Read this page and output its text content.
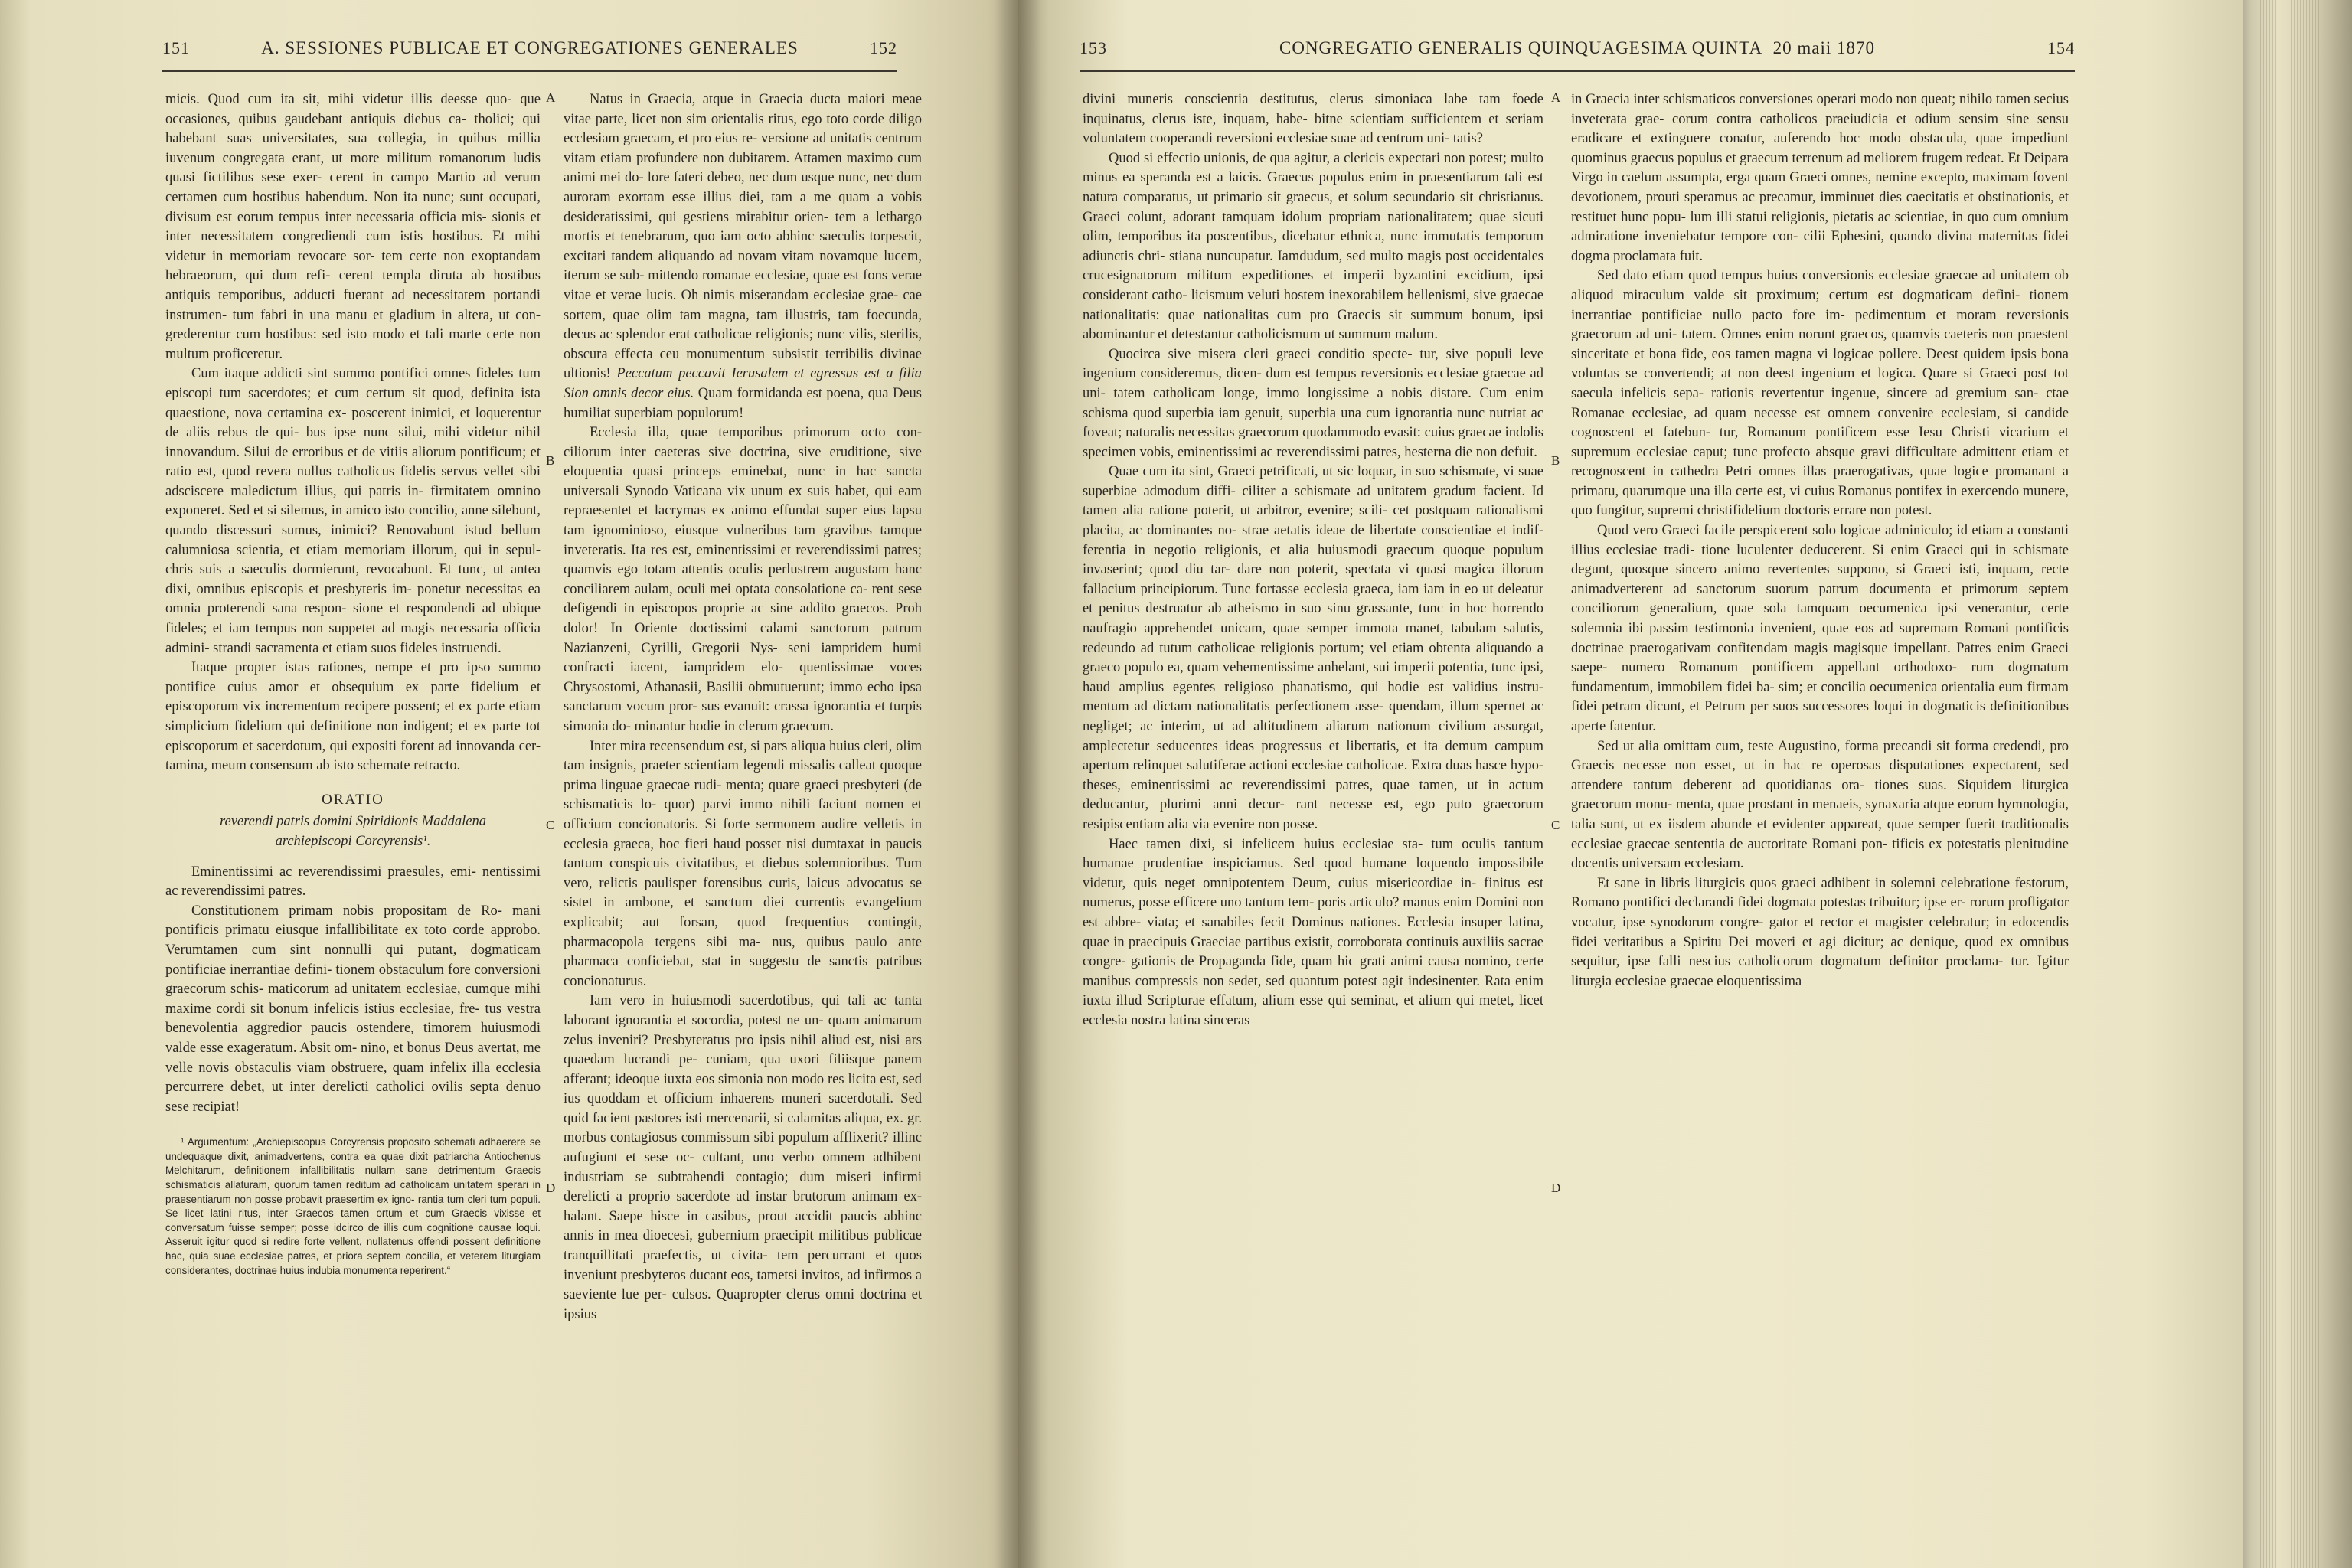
151	A. SESSIONES PUBLICAE ET CONGREGATIONES GENERALES	152

micis. Quod cum ita sit, mihi videtur illis deesse quo- que occasiones, quibus gaudebant antiquis diebus ca- tholici; qui habebant suas universitates, sua collegia, in quibus millia iuvenum congregata erant, ut more militum romanorum ludis quasi fictilibus sese exer- cerent in campo Martio ad verum certamen cum hostibus habendum. Non ita nunc; sunt occupati, divisum est eorum tempus inter necessaria officia mis- sionis et inter necessitatem congrediendi cum istis hostibus. Et mihi videtur in memoriam revocare sor- tem certe non exoptandam hebraeorum, qui dum refi- cerent templa diruta ab hostibus antiquis temporibus, adducti fuerant ad necessitatem portandi instrumen- tum fabri in una manu et gladium in altera, ut con- grederentur cum hostibus: sed isto modo et tali marte certe non multum proficeretur.

Cum itaque addicti sint summo pontifici omnes fideles tum episcopi tum sacerdotes; et cum certum sit quod, definita ista quaestione, nova certamina ex- poscerent inimici, et loquerentur de aliis rebus de qui- bus ipse nunc silui, mihi videtur nihil innovandum. Silui de erroribus et de vitiis aliorum pontificum; et ratio est, quod revera nullus catholicus fidelis servus vellet sibi adsciscere maledictum illius, qui patris in- firmitatem omnino exponeret. Sed et si silemus, in amico isto concilio, anne silebunt, quando discessuri sumus, inimici? Renovabunt istud bellum calumniosa scientia, et etiam memoriam illorum, qui in sepul- chris suis a saeculis dormierunt, revocabunt. Et tunc, ut antea dixi, omnibus episcopis et presbyteris im- ponetur necessitas ea omnia proterendi sana respon- sione et respondendi ad ubique fideles; et iam tempus non suppetet ad magis necessaria officia admini- strandi sacramenta et etiam suos fideles instruendi.

Itaque propter istas rationes, nempe et pro ipso summo pontifice cuius amor et obsequium ex parte fidelium et episcoporum vix incrementum recipere possent; et ex parte etiam simplicium fidelium qui definitione non indigent; et ex parte tot episcoporum et sacerdotum, qui expositi forent ad innovanda cer- tamina, meum consensum ab isto schemate retracto.

ORATIO

reverendi patris domini Spiridionis Maddalena

archiepiscopi Corcyrensis¹.

Eminentissimi ac reverendissimi praesules, emi- nentissimi ac reverendissimi patres.

Constitutionem primam nobis propositam de Ro- mani pontificis primatu eiusque infallibilitate ex toto corde approbo. Verumtamen cum sint nonnulli qui putant, dogmaticam pontificiae inerrantiae defini- tionem obstaculum fore conversioni graecorum schis- maticorum ad unitatem ecclesiae, cumque mihi maxime cordi sit bonum infelicis istius ecclesiae, fre- tus vestra benevolentia aggredior paucis ostendere, timorem huiusmodi valde esse exageratum. Absit om- nino, et bonus Deus avertat, me velle novis obstaculis viam obstruere, quam infelix illa ecclesia percurrere debet, ut inter derelicti catholici ovilis septa denuo sese recipiat!

¹ Argumentum: „Archiepiscopus Corcyrensis proposito schemati adhaerere se undequaque dixit, animadvertens, contra ea quae dixit patriarcha Antiochenus Melchitarum, definitionem infallibilitatis nullam sane detrimentum Graecis schismaticis allaturam, quorum tamen reditum ad catholicam unitatem sperari in praesentiarum non posse probavit praesertim ex igno- rantia tum cleri tum populi. Se licet latini ritus, inter Graecos tamen ortum et cum Graecis vixisse et conversatum fuisse semper; posse idcirco de illis cum cognitione causae loqui. Asseruit igitur quod si redire forte vellent, nullatenus offendi possent definitione hac, quia suae ecclesiae patres, et priora septem concilia, et veterem liturgiam considerantes, doctrinae huius indubia monumenta reperirent.“

Natus in Graecia, atque in Graecia ducta maiori meae vitae parte, licet non sim orientalis ritus, ego toto corde diligo ecclesiam graecam, et pro eius re- versione ad unitatis centrum vitam etiam profundere non dubitarem. Attamen maximo cum animi mei do- lore fateri debeo, nec dum usque nunc, nec dum auroram exortam esse illius diei, tam a me quam a vobis desideratissimi, qui gestiens mirabitur orien- tem a lethargo mortis et tenebrarum, quo iam octo abhinc saeculis torpescit, excitari tandem aliquando ad novam vitam novamque lucem, iterum se sub- mittendo romanae ecclesiae, quae est fons verae vitae et verae lucis. Oh nimis miserandam ecclesiae grae- cae sortem, quae olim tam magna, tam illustris, tam foecunda, decus ac splendor erat catholicae religionis; nunc vilis, sterilis, obscura effecta ceu monumentum subsistit terribilis divinae ultionis! Peccatum peccavit Ierusalem et egressus est a filia Sion omnis decor eius. Quam formidanda est poena, qua Deus humiliat superbiam populorum!

Ecclesia illa, quae temporibus primorum octo con- ciliorum inter caeteras sive doctrina, sive eruditione, sive eloquentia quasi princeps eminebat, nunc in hac sancta universali Synodo Vaticana vix unum ex suis habet, qui eam repraesentet et lacrymas ex animo effundat super eius lapsu tam ignominioso, eiusque vulneribus tam gravibus tamque inveteratis. Ita res est, eminentissimi et reverendissimi patres; quamvis ego totam attentis oculis perlustrem augustam hanc conciliarem aulam, oculi mei optata consolatione ca- rent sese defigendi in episcopos proprie ac sine addito graecos. Proh dolor! In Oriente doctissimi calami sanctorum patrum Nazianzeni, Cyrilli, Gregorii Nys- seni iampridem humi confracti iacent, iampridem elo- quentissimae voces Chrysostomi, Athanasii, Basilii obmutuerunt; immo echo ipsa sanctarum vocum pror- sus evanuit: crassa ignorantia et turpis simonia do- minantur hodie in clerum graecum.

Inter mira recensendum est, si pars aliqua huius cleri, olim tam insignis, praeter scientiam legendi missalis calleat quoque prima linguae graecae rudi- menta; quare graeci presbyteri (de schismaticis lo- quor) parvi immo nihili faciunt nomen et officium concionatoris. Si forte sermonem audire velletis in ecclesia graeca, hoc fieri haud posset nisi dumtaxat in paucis tantum conspicuis civitatibus, et diebus solemnioribus. Tum vero, relictis paulisper forensibus curis, laicus advocatus se sistet in ambone, et sanctum diei currentis evangelium explicabit; aut forsan, quod frequentius contingit, pharmacopola tergens sibi ma- nus, quibus paulo ante pharmaca conficiebat, stat in suggestu de sanctis patribus concionaturus.

Iam vero in huiusmodi sacerdotibus, qui tali ac tanta laborant ignorantia et socordia, potest ne un- quam animarum zelus inveniri? Presbyteratus pro ipsis nihil aliud est, nisi ars quaedam lucrandi pe- cuniam, qua uxori filiisque panem afferant; ideoque iuxta eos simonia non modo res licita est, sed ius quoddam et officium inhaerens muneri sacerdotali. Sed quid facient pastores isti mercenarii, si calamitas aliqua, ex. gr. morbus contagiosus commissum sibi populum afflixerit? illinc aufugiunt et sese oc- cultant, uno verbo omnem adhibent industriam se subtrahendi contagio; dum miseri infirmi derelicti a proprio sacerdote ad instar brutorum animam ex- halant. Saepe hisce in casibus, prout accidit paucis abhinc annis in mea dioecesi, gubernium praecipit militibus publicae tranquillitati praefectis, ut civita- tem percurrant et quos inveniunt presbyteros ducant eos, tametsi invitos, ad infirmos a saeviente lue per- culsos. Quapropter clerus omni doctrina et ipsius

A
B
C
D
153	CONGREGATIO GENERALIS QUINQUAGESIMA QUINTA 20 maii 1870	154

divini muneris conscientia destitutus, clerus simoniaca labe tam foede inquinatus, clerus iste, inquam, habe- bitne scientiam sufficientem et seriam voluntatem cooperandi reversioni ecclesiae suae ad centrum uni- tatis?

Quod si effectio unionis, de qua agitur, a clericis expectari non potest; multo minus ea speranda est a laicis. Graecus populus enim in praesentiarum tali est natura comparatus, ut primario sit graecus, et solum secundario sit christianus. Graeci colunt, adorant tamquam idolum propriam nationalitatem; quae sicuti olim, temporibus ita poscentibus, dicebatur ethnica, nunc immutatis temporum adiunctis chri- stiana nuncupatur. Iamdudum, sed multo magis post occidentales crucesignatorum militum expeditiones et imperii byzantini excidium, ipsi considerant catho- licismum veluti hostem inexorabilem hellenismi, sive graecae nationalitatis: quae nationalitas cum pro Graecis sit summum bonum, ipsi abominantur et detestantur catholicismum ut summum malum.

Quocirca sive misera cleri graeci conditio specte- tur, sive populi leve ingenium consideremus, dicen- dum est tempus reversionis ecclesiae graecae ad uni- tatem catholicam longe, immo longissime a nobis distare. Cum enim schisma quod superbia iam genuit, superbia una cum ignorantia nunc nutriat ac foveat; naturalis necessitas graecorum quodammodo evasit: cuius graecae indolis specimen vobis, eminentissimi ac reverendissimi patres, hesterna die non defuit.

Quae cum ita sint, Graeci petrificati, ut sic loquar, in suo schismate, vi suae superbiae admodum diffi- ciliter a schismate ad unitatem gradum facient. Id tamen alia ratione poterit, ut arbitror, evenire; scili- cet postquam rationalismi placita, ac dominantes no- strae aetatis ideae de libertate conscientiae et indif- ferentia in negotio religionis, et alia huiusmodi graecum quoque populum invaserint; quod diu tar- dare non poterit, spectata vi quasi magica illorum fallacium principiorum. Tunc fortasse ecclesia graeca, iam iam in eo ut deleatur et penitus destruatur ab atheismo in suo sinu grassante, tunc in hoc horrendo naufragio apprehendet unicam, quae semper immota manet, tabulam salutis, redeundo ad tutum catholicae religionis portum; vel etiam obtenta aliquando a graeco populo ea, quam vehementissime anhelant, sui imperii potentia, tunc ipsi, haud amplius egentes religioso phanatismo, qui hodie est validius instru- mentum ad dictam nationalitatis perfectionem asse- quendam, illum spernet ac negliget; ac interim, ut ad altitudinem aliarum nationum civilium assurgat, amplectetur seducentes ideas progressus et libertatis, et ita demum campum apertum relinquet salutiferae actioni ecclesiae catholicae. Extra duas hasce hypo- theses, eminentissimi ac reverendissimi patres, quae tamen, ut in actum deducantur, plurimi anni decur- rant necesse est, ego puto graecorum resipiscentiam alia via evenire non posse.

Haec tamen dixi, si infelicem huius ecclesiae sta- tum oculis tantum humanae prudentiae inspiciamus. Sed quod humane loquendo impossibile videtur, quis neget omnipotentem Deum, cuius misericordiae in- finitus est numerus, posse efficere uno tantum tem- poris articulo? manus enim Domini non est abbre- viata; et sanabiles fecit Dominus nationes. Ecclesia insuper latina, quae in praecipuis Graeciae partibus existit, corroborata continuis auxiliis sacrae congre- gationis de Propaganda fide, quam hic grati animi causa nomino, certe manibus compressis non sedet, sed quantum potest agit indesinenter. Rata enim iuxta illud Scripturae effatum, alium esse qui seminat, et alium qui metet, licet ecclesia nostra latina sinceras

in Graecia inter schismaticos conversiones operari modo non queat; nihilo tamen secius inveterata grae- corum contra catholicos praeiudicia et odium sensim sine sensu eradicare et extinguere conatur, auferendo hoc modo obstacula, quae impediunt quominus graecus populus et graecum terrenum ad meliorem frugem redeat. Et Deipara Virgo in caelum assumpta, erga quam Graeci omnes, nemine excepto, maximam fovent devotionem, prouti speramus ac precamur, imminuet dies caecitatis et obstinationis, et restituet hunc popu- lum illi statui religionis, pietatis ac scientiae, in quo cum omnium admiratione inveniebatur tempore con- cilii Ephesini, quando divina maternitas fidei dogma proclamata fuit.

Sed dato etiam quod tempus huius conversionis ecclesiae graecae ad unitatem ob aliquod miraculum valde sit proximum; certum est dogmaticam defini- tionem inerrantiae pontificiae nullo pacto fore im- pedimentum et moram reversionis graecorum ad uni- tatem. Omnes enim norunt graecos, quamvis caeteris non praestent sinceritate et bona fide, eos tamen magna vi logicae pollere. Deest quidem ipsis bona voluntas se convertendi; at non deest ingenium et logica. Quare si Graeci post tot saecula infelicis sepa- rationis revertentur ingenue, sincere ad gremium san- ctae Romanae ecclesiae, ad quam necesse est omnem convenire ecclesiam, si candide cognoscent et fatebun- tur, Romanum pontificem esse Iesu Christi vicarium et supremum ecclesiae caput; tunc profecto absque gravi difficultate admittent etiam et recognoscent in cathedra Petri omnes illas praerogativas, quae logice promanant a primatu, quarumque una illa certe est, vi cuius Romanus pontifex in exercendo munere, quo fungitur, supremi christifidelium doctoris errare non potest.

Quod vero Graeci facile perspicerent solo logicae adminiculo; id etiam a constanti illius ecclesiae tradi- tione luculenter deducerent. Si enim Graeci qui in schismate degunt, quosque sincero animo revertentes suppono, si Graeci isti, inquam, recte animadverterent ad sanctorum suorum patrum documenta et primorum septem conciliorum generalium, quae sola tamquam oecumenica ipsi venerantur, certe solemnia ibi passim testimonia invenient, quae eos ad supremam Romani pontificis doctrinae praerogativam confitendam magis magisque impellant. Patres enim Graeci saepe- numero Romanum pontificem appellant orthodoxo- rum dogmatum fundamentum, immobilem fidei ba- sim; et concilia oecumenica orientalia eum firmam fidei petram dicunt, et Petrum per suos successores loqui in dogmaticis definitionibus aperte fatentur.

Sed ut alia omittam cum, teste Augustino, forma precandi sit forma credendi, pro Graecis necesse non esset, ut in hac re operosas disputationes expectarent, sed attendere tantum deberent ad quotidianas ora- tiones suas. Siquidem liturgica graecorum monu- menta, quae prostant in menaeis, synaxaria atque eorum hymnologia, talia sunt, ut ex iisdem abunde et evidenter appareat, quae semper fuerit traditionalis ecclesiae graecae sententia de auctoritate Romani pon- tificis ex potestatis plenitudine docentis universam ecclesiam.

Et sane in libris liturgicis quos graeci adhibent in solemni celebratione festorum, Romano pontifici declarandi fidei dogmata potestas tribuitur; ipse er- rorum profligator vocatur, ipse synodorum congre- gator et rector et magister celebratur; in edocendis fidei veritatibus a Spiritu Dei moveri et agi dicitur; ac denique, quod ex omnibus sequitur, ipse falli nescius catholicorum dogmatum definitor proclama- tur. Igitur liturgia ecclesiae graecae eloquentissima

A
B
C
D
